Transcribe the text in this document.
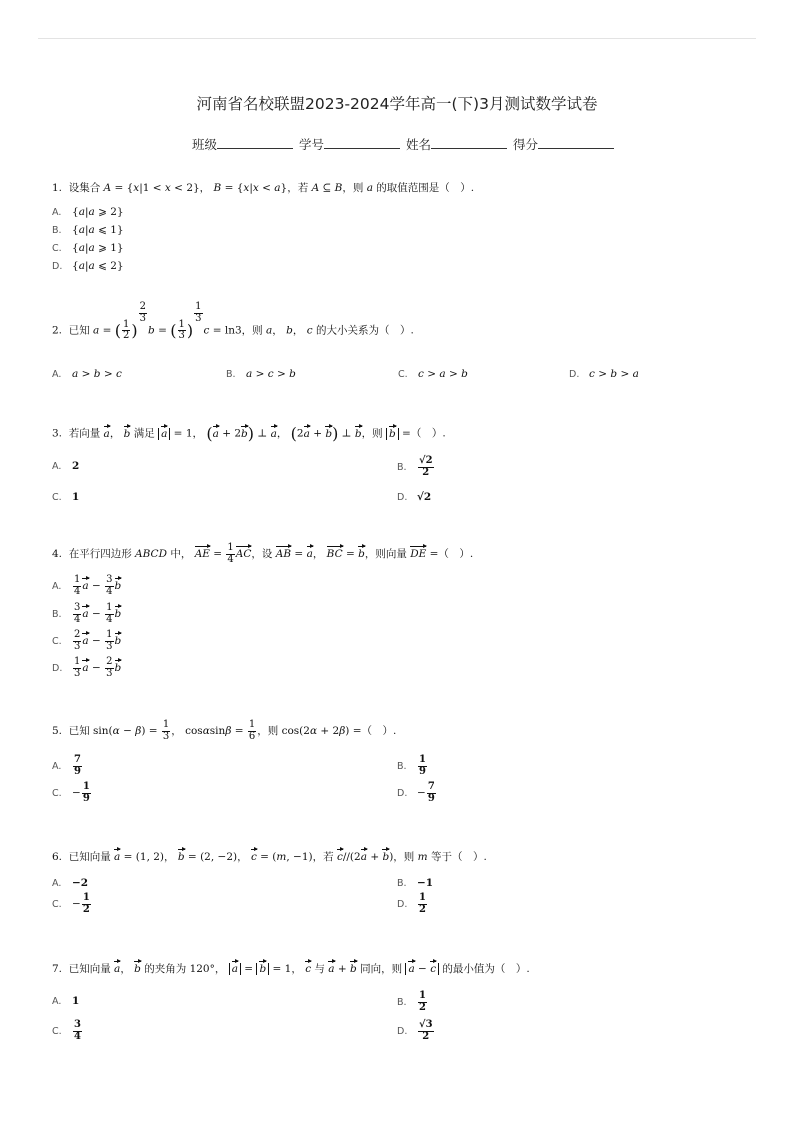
河南省名校联盟2023-2024学年高一(下)3月测试数学试卷
班级	学号	姓名	得分
1.  设集合 A = {x|1 < x < 2}， B = {x|x < a}，若 A ⊆ B，则 a 的取值范围是（　）.
A. {a|a ⩾ 2}
B. {a|a ⩽ 1}
C. {a|a ⩾ 1}
D. {a|a ⩽ 2}
2.  已知 a = ( $\frac{1}{2}$ )
$^{\frac{2}{3}}$
b = ( $\frac{1}{3}$ )
$^{\frac{1}{3}}$
c = ln3，则 a， b， c 的大小关系为（　）.
A. a > b > c	B. a > c > b	C. c > a > b	D. c > b > a
3.  若向量 a， b 满足 a = 1， (a + 2b) ⊥ a， (2a + b) ⊥ b，则 b =（　）.
A. 2	B. $\frac{√2}{2}$
C. 1	D. √2
4.  在平行四边形 ABCD 中， AE = $\frac{1}{4}$ AC，设 AB = a， BC = b，则向量 DE =（　）.
A. $\frac{1}{4}$ $a - \frac{3}{4}$ b
B. $\frac{3}{4}$ $a - \frac{1}{4}$ b
C. $\frac{2}{3}$ $a - \frac{1}{3}$ b
D. $\frac{1}{3}$ $a - \frac{2}{3}$ b
5.  已知 $\sin(\alpha - \beta) = \frac{1}{3}$ ， $\cos\alpha\sin\beta = \frac{1}{6}$ ，则 cos(2α + 2β) =（　）.
A. $\frac{7}{9}$	B. $\frac{1}{9}$
C. − $\frac{1}{9}$	D. − $\frac{7}{9}$
6.  已知向量 a = (1, 2)， b = (2, −2)， c = (m, −1)，若 c//(2a + b)，则 m 等于（　）.
A. −2	B. −1
C. − $\frac{1}{2}$	D. $\frac{1}{2}$
7.  已知向量 a， b 的夹角为 120°， a = b = 1， c 与 a + b 同向，则 a − c 的最小值为（　）.
A. 1	B. $\frac{1}{2}$
C. $\frac{3}{4}$	D. $\frac{√3}{2}$
